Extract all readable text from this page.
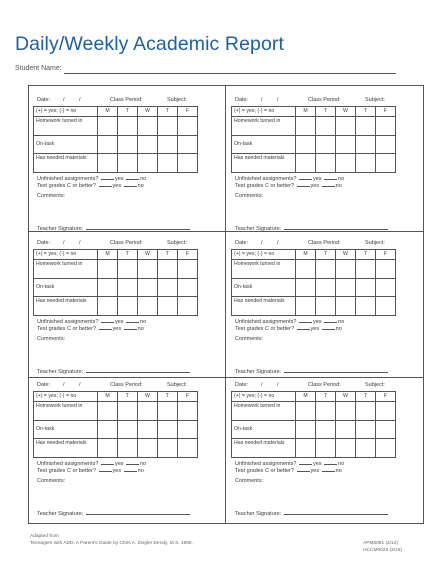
Daily/Weekly Academic Report
Student Name:
Date: /	/	Class Period:	Subject:
(+) = yes; (-) = no	M	T	W	T	F
Homework turned in					
On-task					
Has needed materials					
Unfinished assignments?	yes	no
Test grades C or better?	yes	no
Comments:
Teacher Signature:
Date: /	/	Class Period:	Subject:
(+) = yes; (-) = no	M	T	W	T	F
Homework turned in					
On-task					
Has needed materials					
Unfinished assignments?	yes	no
Test grades C or better?	yes	no
Comments:
Teacher Signature:
Date: /	/	Class Period:	Subject:
(+) = yes; (-) = no	M	T	W	T	F
Homework turned in					
On-task					
Has needed materials					
Unfinished assignments?	yes	no
Test grades C or better?	yes	no
Comments:
Teacher Signature:
Date: /	/	Class Period:	Subject:
(+) = yes; (-) = no	M	T	W	T	F
Homework turned in					
On-task					
Has needed materials					
Unfinished assignments?	yes	no
Test grades C or better?	yes	no
Comments:
Teacher Signature:
Date: /	/	Class Period:	Subject:
(+) = yes; (-) = no	M	T	W	T	F
Homework turned in					
On-task					
Has needed materials					
Unfinished assignments?	yes	no
Test grades C or better?	yes	no
Comments:
Teacher Signature:
Date: /	/	Class Period:	Subject:
(+) = yes; (-) = no	M	T	W	T	F
Homework turned in					
On-task					
Has needed materials					
Unfinished assignments?	yes	no
Test grades C or better?	yes	no
Comments:
Teacher Signature:
Adapted from
Teenagers with ADD: A Parent's Guide by Chris A. Zeigler Dendy, M.S. 1995.	APM0081 (2/12)
HCCM0023 (3/15)
